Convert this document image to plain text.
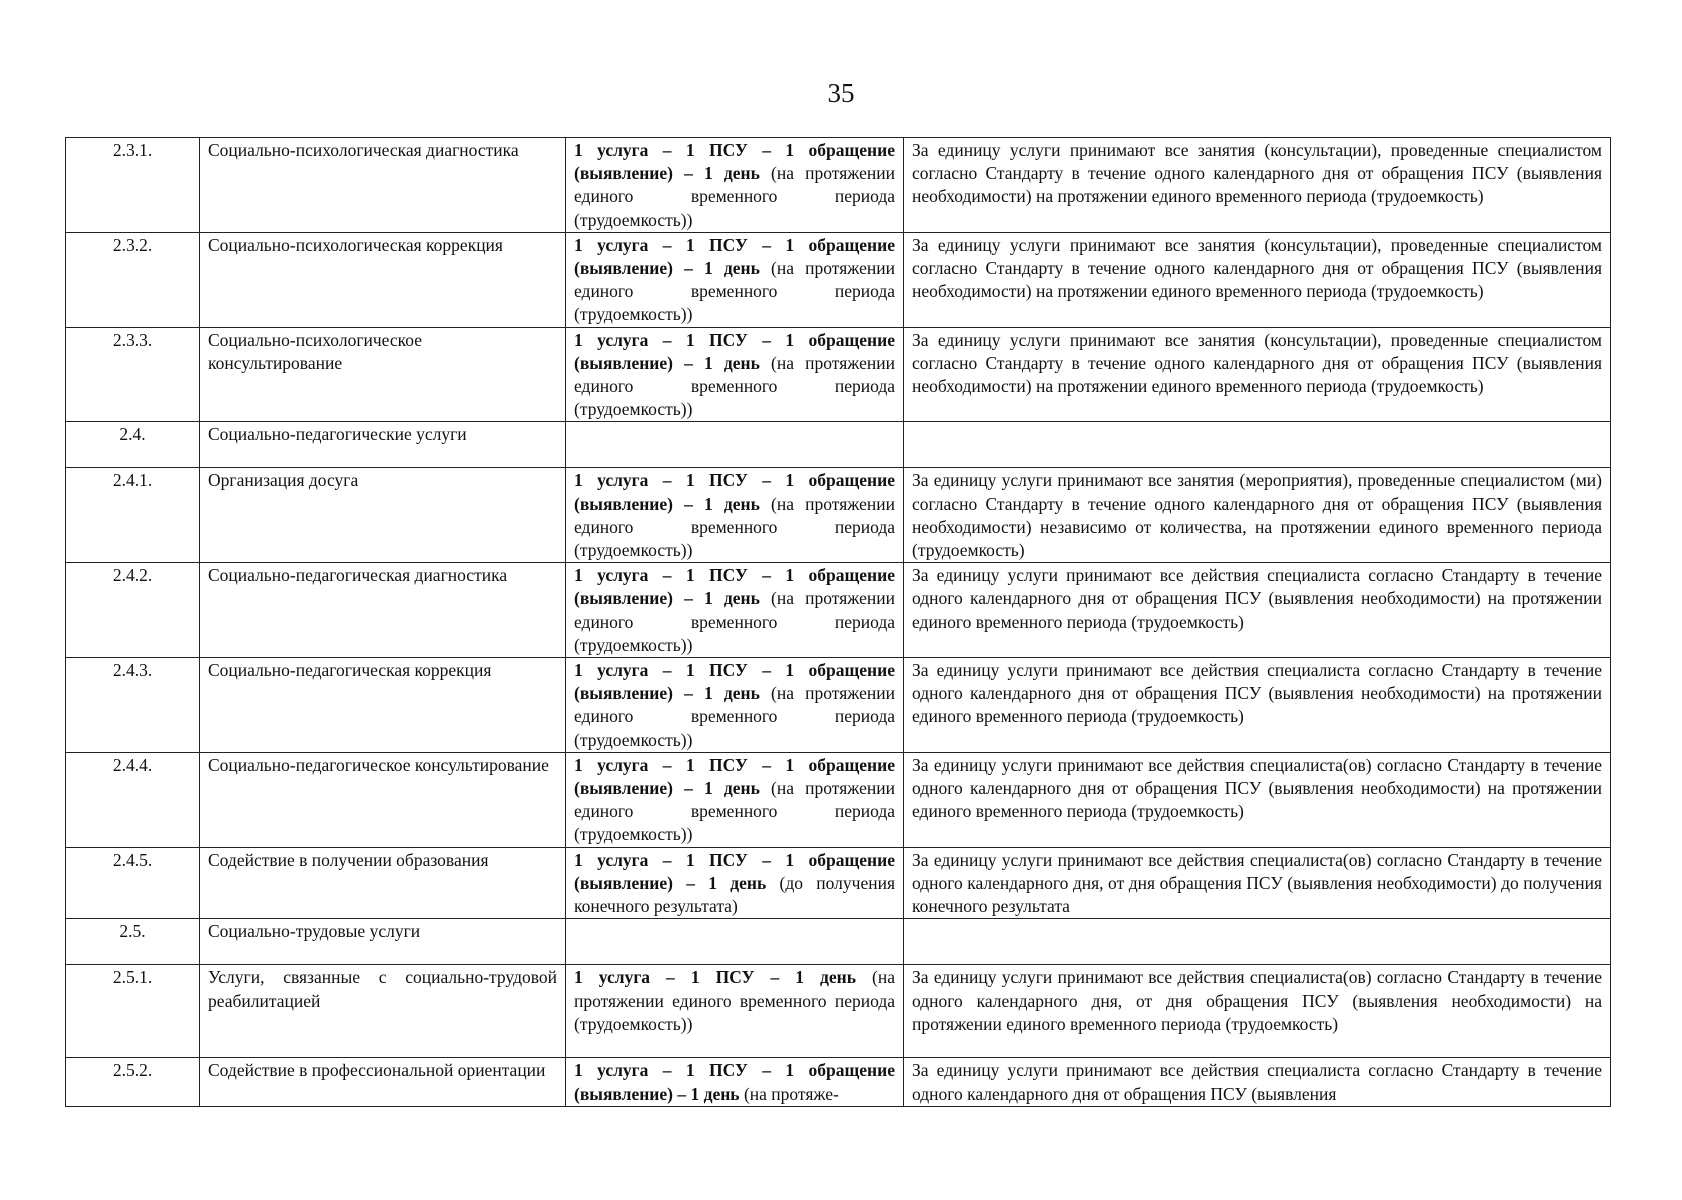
35
2.3.1.	Социально-психологическая диагностика	1 услуга – 1 ПСУ – 1 обращение (выявление) – 1 день (на протяжении единого временного периода (трудоемкость))	За единицу услуги принимают все занятия (консультации), проведенные специалистом согласно Стандарту в течение одного календарного дня от обращения ПСУ (выявления необходимости) на протяжении единого временного периода (трудоемкость)
2.3.2.	Социально-психологическая коррекция	1 услуга – 1 ПСУ – 1 обращение (выявление) – 1 день (на протяжении единого временного периода (трудоемкость))	За единицу услуги принимают все занятия (консультации), проведенные специалистом согласно Стандарту в течение одного календарного дня от обращения ПСУ (выявления необходимости) на протяжении единого временного периода (трудоемкость)
2.3.3.	Социально-психологическое консультирование	1 услуга – 1 ПСУ – 1 обращение (выявление) – 1 день (на протяжении единого временного периода (трудоемкость))	За единицу услуги принимают все занятия (консультации), проведенные специалистом согласно Стандарту в течение одного календарного дня от обращения ПСУ (выявления необходимости) на протяжении единого временного периода (трудоемкость)
2.4.	Социально-педагогические услуги		
2.4.1.	Организация досуга	1 услуга – 1 ПСУ – 1 обращение (выявление) – 1 день (на протяжении единого временного периода (трудоемкость))	За единицу услуги принимают все занятия (мероприятия), проведенные специалистом (ми) согласно Стандарту в течение одного календарного дня от обращения ПСУ (выявления необходимости) независимо от количества, на протяжении единого временного периода (трудоемкость)
2.4.2.	Социально-педагогическая диагностика	1 услуга – 1 ПСУ – 1 обращение (выявление) – 1 день (на протяжении единого временного периода (трудоемкость))	За единицу услуги принимают все действия специалиста согласно Стандарту в течение одного календарного дня от обращения ПСУ (выявления необходимости) на протяжении единого временного периода (трудоемкость)
2.4.3.	Социально-педагогическая коррекция	1 услуга – 1 ПСУ – 1 обращение (выявление) – 1 день (на протяжении единого временного периода (трудоемкость))	За единицу услуги принимают все действия специалиста согласно Стандарту в течение одного календарного дня от обращения ПСУ (выявления необходимости) на протяжении единого временного периода (трудоемкость)
2.4.4.	Социально-педагогическое консультирование	1 услуга – 1 ПСУ – 1 обращение (выявление) – 1 день (на протяжении единого временного периода (трудоемкость))	За единицу услуги принимают все действия специалиста(ов) согласно Стандарту в течение одного календарного дня от обращения ПСУ (выявления необходимости) на протяжении единого временного периода (трудоемкость)
2.4.5.	Содействие в получении образования	1 услуга – 1 ПСУ – 1 обращение (выявление) – 1 день (до получения конечного результата)	За единицу услуги принимают все действия специалиста(ов) согласно Стандарту в течение одного календарного дня, от дня обращения ПСУ (выявления необходимости) до получения конечного результата
2.5.	Социально-трудовые услуги		
2.5.1.	Услуги, связанные с социально-трудовой реабилитацией	1 услуга – 1 ПСУ – 1 день (на протяжении единого временного периода (трудоемкость))	За единицу услуги принимают все действия специалиста(ов) согласно Стандарту в течение одного календарного дня, от дня обращения ПСУ (выявления необходимости) на протяжении единого временного периода (трудоемкость)
2.5.2.	Содействие в профессиональной ориентации	1 услуга – 1 ПСУ – 1 обращение (выявление) – 1 день (на протяже-	За единицу услуги принимают все действия специалиста согласно Стандарту в течение одного календарного дня от обращения ПСУ (выявления
